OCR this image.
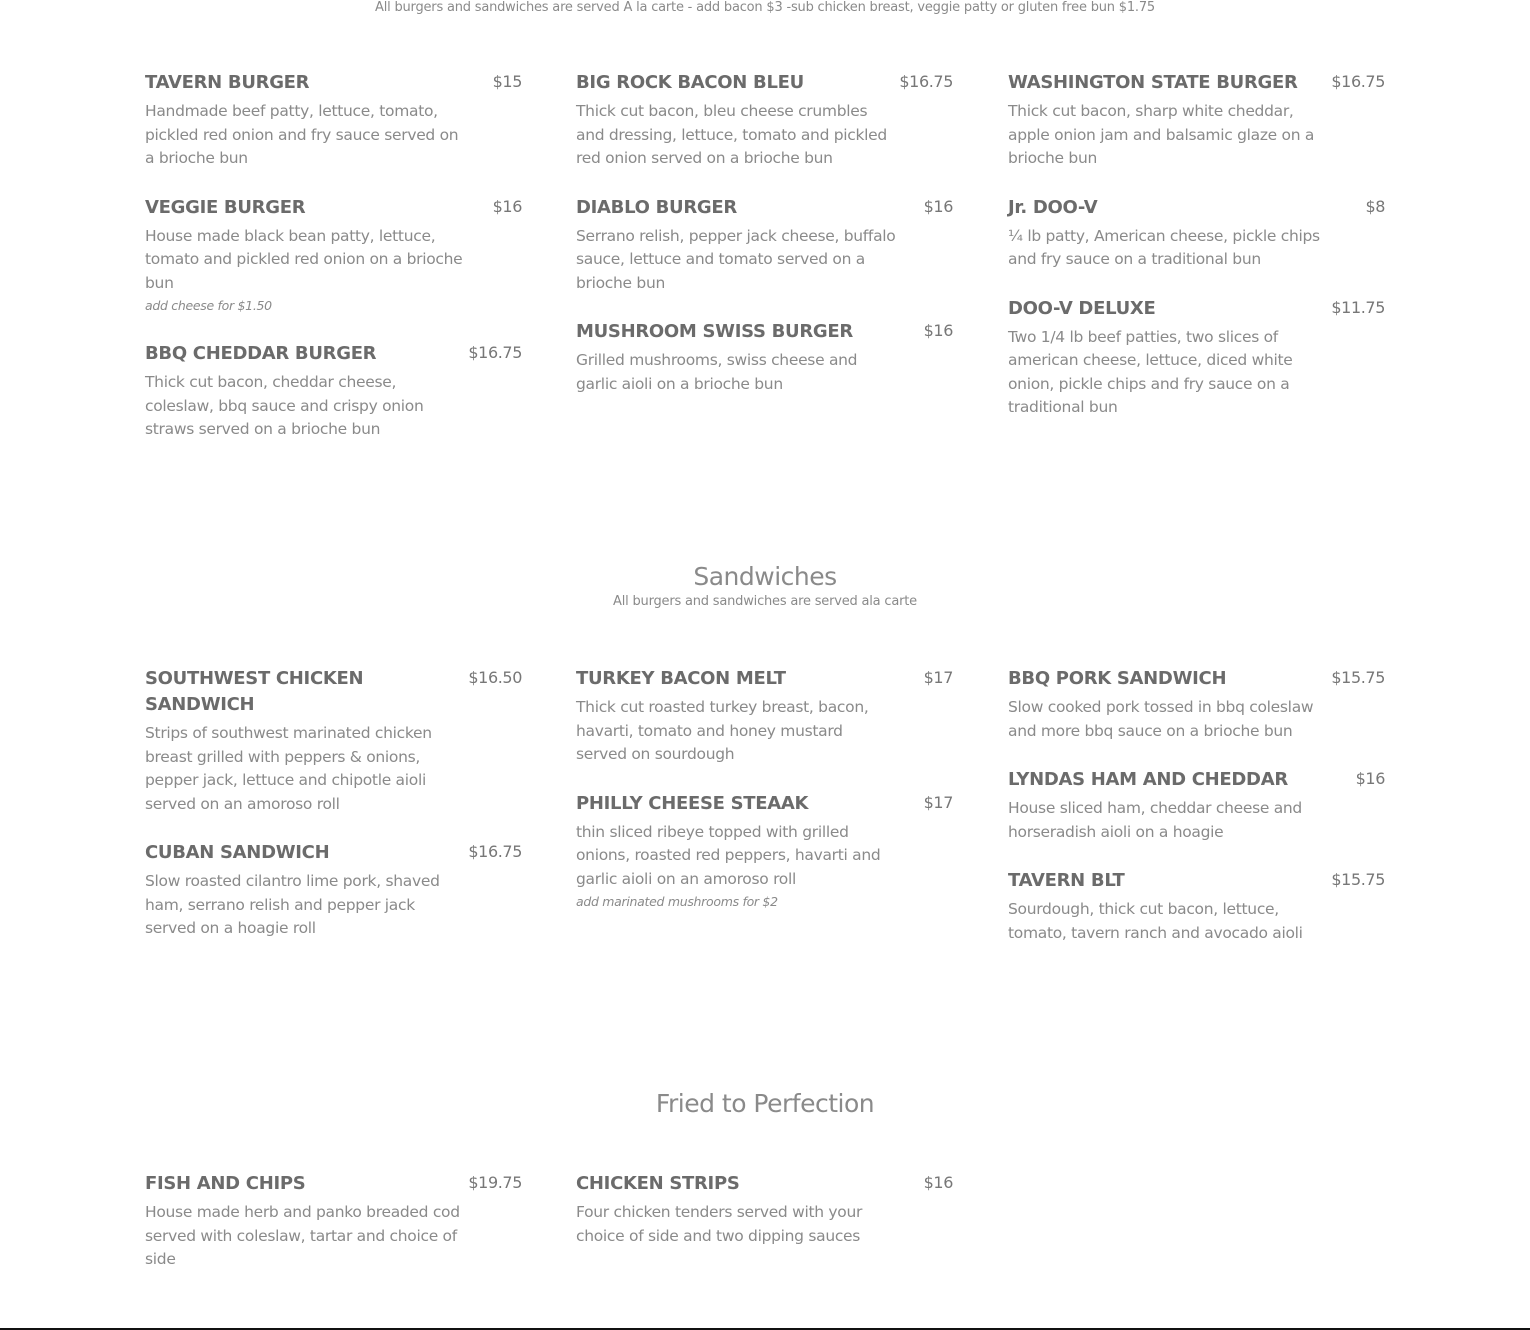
All burgers and sandwiches are served A la carte - add bacon $3 -sub chicken breast, veggie patty or gluten free bun $1.75
TAVERN BURGER	$15
Handmade beef patty, lettuce, tomato, pickled red onion and fry sauce served on a brioche bun
VEGGIE BURGER	$16
House made black bean patty, lettuce, tomato and pickled red onion on a brioche bun
add cheese for $1.50
BBQ CHEDDAR BURGER	$16.75
Thick cut bacon, cheddar cheese, coleslaw, bbq sauce and crispy onion straws served on a brioche bun
BIG ROCK BACON BLEU	$16.75
Thick cut bacon, bleu cheese crumbles and dressing, lettuce, tomato and pickled red onion served on a brioche bun
DIABLO BURGER	$16
Serrano relish, pepper jack cheese, buffalo sauce, lettuce and tomato served on a brioche bun
MUSHROOM SWISS BURGER	$16
Grilled mushrooms, swiss cheese and garlic aioli on a brioche bun
WASHINGTON STATE BURGER	$16.75
Thick cut bacon, sharp white cheddar, apple onion jam and balsamic glaze on a brioche bun
Jr. DOO-V	$8
¼ lb patty, American cheese, pickle chips and fry sauce on a traditional bun
DOO-V DELUXE	$11.75
Two 1/4 lb beef patties, two slices of american cheese, lettuce, diced white onion, pickle chips and fry sauce on a traditional bun
Sandwiches
All burgers and sandwiches are served ala carte
SOUTHWEST CHICKEN SANDWICH
$16.50
Strips of southwest marinated chicken breast grilled with peppers & onions, pepper jack, lettuce and chipotle aioli served on an amoroso roll
CUBAN SANDWICH	$16.75
Slow roasted cilantro lime pork, shaved ham, serrano relish and pepper jack served on a hoagie roll
TURKEY BACON MELT	$17
Thick cut roasted turkey breast, bacon, havarti, tomato and honey mustard served on sourdough
PHILLY CHEESE STEAAK	$17
thin sliced ribeye topped with grilled onions, roasted red peppers, havarti and garlic aioli on an amoroso roll
add marinated mushrooms for $2
BBQ PORK SANDWICH	$15.75
Slow cooked pork tossed in bbq coleslaw and more bbq sauce on a brioche bun
LYNDAS HAM AND CHEDDAR	$16
House sliced ham, cheddar cheese and horseradish aioli on a hoagie
TAVERN BLT	$15.75
Sourdough, thick cut bacon, lettuce, tomato, tavern ranch and avocado aioli
Fried to Perfection
FISH AND CHIPS	$19.75
House made herb and panko breaded cod served with coleslaw, tartar and choice of side
CHICKEN STRIPS	$16
Four chicken tenders served with your choice of side and two dipping sauces
